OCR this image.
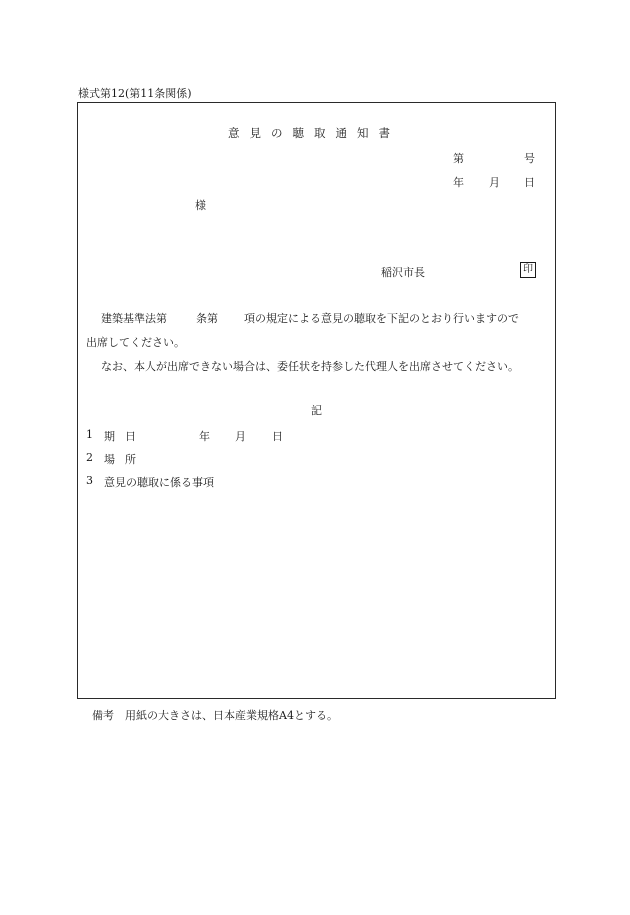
様式第12(第11条関係)
意見の聴取通知書
第	号
年 月 日
様
稲沢市長	印
建築基準法第	条第 項の規定による意見の聴取を下記のとおり行いますので
出席してください。
なお、本人が出席できない場合は、委任状を持参した代理人を出席させてください。
記
1 期日	年 月 日
2 場所
3 意見の聴取に係る事項
備考　用紙の大きさは、日本産業規格A4とする。
